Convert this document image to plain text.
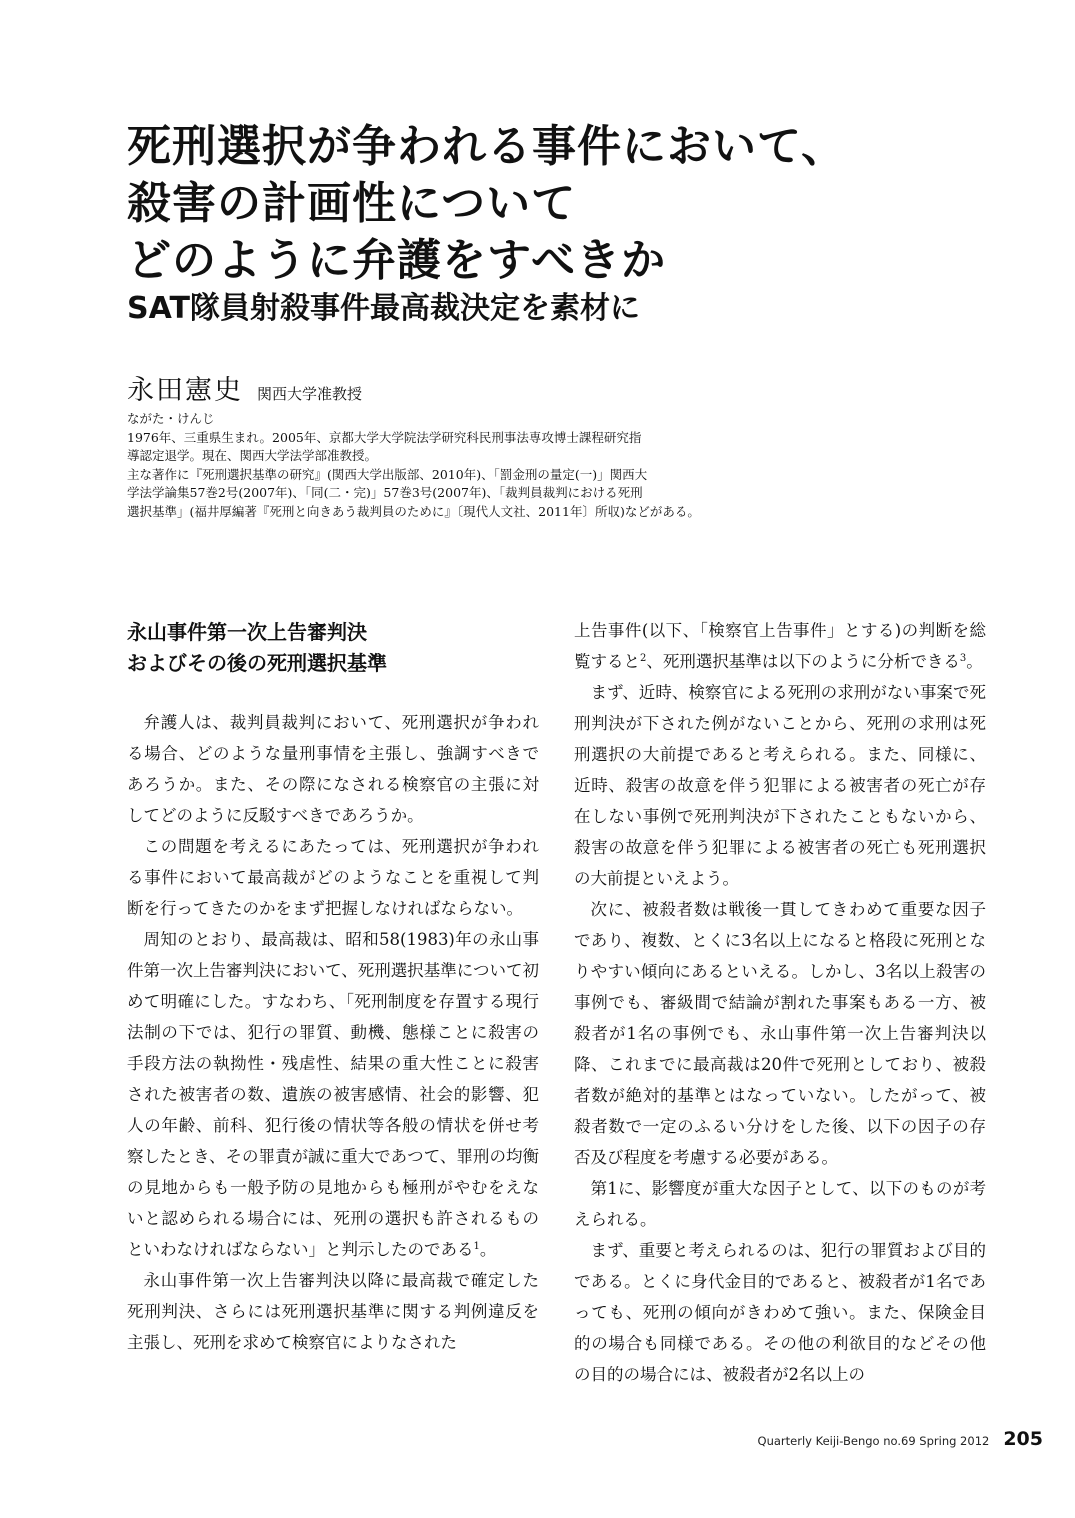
死刑選択が争われる事件において、
殺害の計画性について
どのように弁護をすべきか
SAT隊員射殺事件最高裁決定を素材に
永田憲史 関西大学准教授
ながた・けんじ
1976年、三重県生まれ。2005年、京都大学大学院法学研究科民刑事法専攻博士課程研究指
導認定退学。現在、関西大学法学部准教授。
主な著作に『死刑選択基準の研究』(関西大学出版部、2010年)、「罰金刑の量定(一)」関西大
学法学論集57巻2号(2007年)、「同(二・完)」57巻3号(2007年)、「裁判員裁判における死刑
選択基準」(福井厚編著『死刑と向きあう裁判員のために』〔現代人文社、2011年〕所収)などがある。
永山事件第一次上告審判決
およびその後の死刑選択基準

弁護人は、裁判員裁判において、死刑選択が争われる場合、どのような量刑事情を主張し、強調すべきであろうか。また、その際になされる検察官の主張に対してどのように反駁すべきであろうか。

この問題を考えるにあたっては、死刑選択が争われる事件において最高裁がどのようなことを重視して判断を行ってきたのかをまず把握しなければならない。

周知のとおり、最高裁は、昭和58(1983)年の永山事件第一次上告審判決において、死刑選択基準について初めて明確にした。すなわち、「死刑制度を存置する現行法制の下では、犯行の罪質、動機、態様ことに殺害の手段方法の執拗性・残虐性、結果の重大性ことに殺害された被害者の数、遺族の被害感情、社会的影響、犯人の年齢、前科、犯行後の情状等各般の情状を併せ考察したとき、その罪責が誠に重大であつて、罪刑の均衡の見地からも一般予防の見地からも極刑がやむをえないと認められる場合には、死刑の選択も許されるものといわなければならない」と判示したのである$^1$。

永山事件第一次上告審判決以降に最高裁で確定した死刑判決、さらには死刑選択基準に関する判例違反を主張し、死刑を求めて検察官によりなされた

上告事件(以下、「検察官上告事件」とする)の判断を総覧すると$^2$、死刑選択基準は以下のように分析できる$^3$。

まず、近時、検察官による死刑の求刑がない事案で死刑判決が下された例がないことから、死刑の求刑は死刑選択の大前提であると考えられる。また、同様に、近時、殺害の故意を伴う犯罪による被害者の死亡が存在しない事例で死刑判決が下されたこともないから、殺害の故意を伴う犯罪による被害者の死亡も死刑選択の大前提といえよう。

次に、被殺者数は戦後一貫してきわめて重要な因子であり、複数、とくに3名以上になると格段に死刑となりやすい傾向にあるといえる。しかし、3名以上殺害の事例でも、審級間で結論が割れた事案もある一方、被殺者が1名の事例でも、永山事件第一次上告審判決以降、これまでに最高裁は20件で死刑としており、被殺者数が絶対的基準とはなっていない。したがって、被殺者数で一定のふるい分けをした後、以下の因子の存否及び程度を考慮する必要がある。

第1に、影響度が重大な因子として、以下のものが考えられる。

まず、重要と考えられるのは、犯行の罪質および目的である。とくに身代金目的であると、被殺者が1名であっても、死刑の傾向がきわめて強い。また、保険金目的の場合も同様である。その他の利欲目的などその他の目的の場合には、被殺者が2名以上の

Quarterly Keiji-Bengo no.69 Spring 2012 205
